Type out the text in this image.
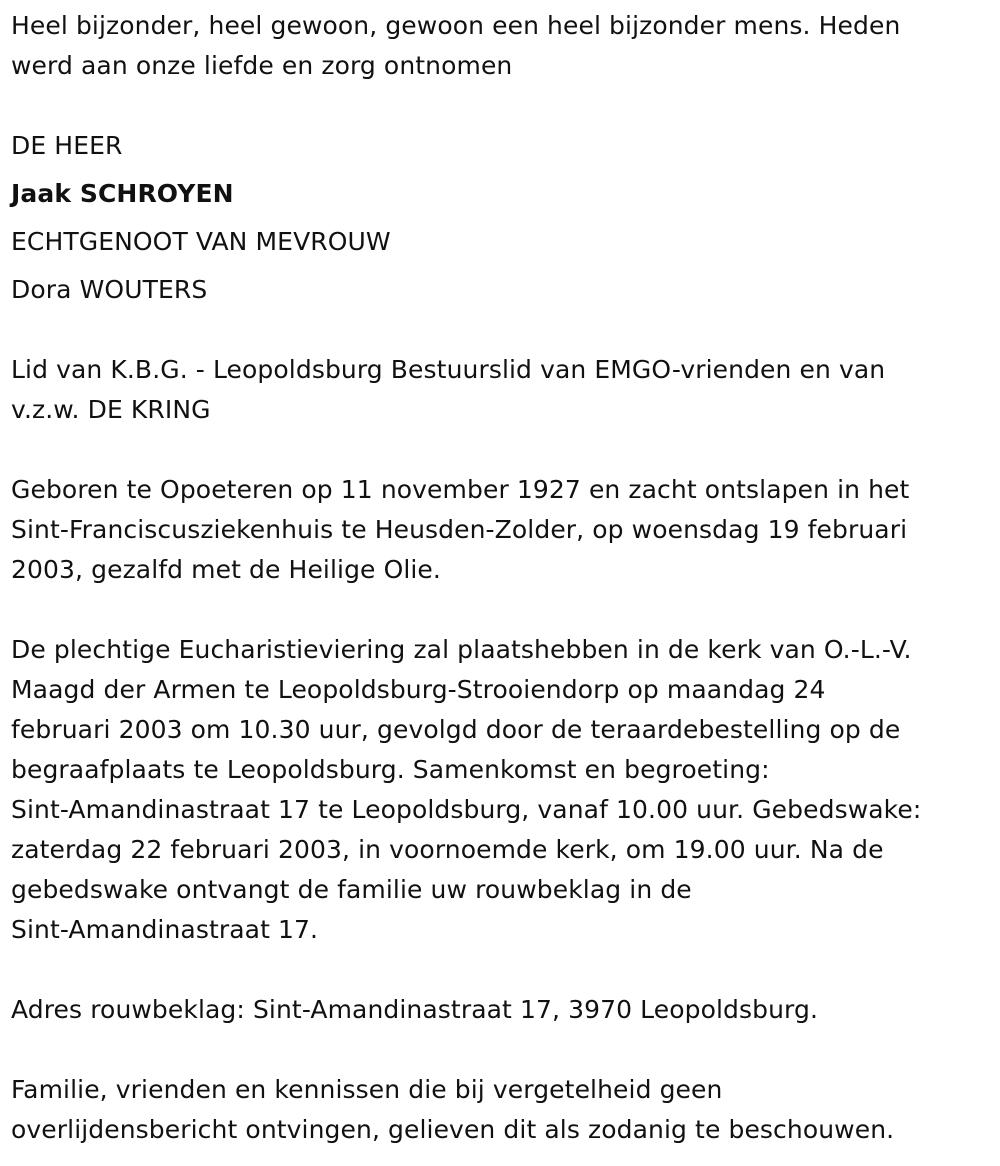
Heel bijzonder, heel gewoon, gewoon een heel bijzonder mens. Heden
werd aan onze liefde en zorg ontnomen
DE HEER
Jaak SCHROYEN
ECHTGENOOT VAN MEVROUW
Dora WOUTERS
Lid van K.B.G. - Leopoldsburg Bestuurslid van EMGO-vrienden en van
v.z.w. DE KRING
Geboren te Opoeteren op 11 november 1927 en zacht ontslapen in het
Sint-Franciscusziekenhuis te Heusden-Zolder, op woensdag 19 februari
2003, gezalfd met de Heilige Olie.
De plechtige Eucharistieviering zal plaatshebben in de kerk van O.-L.-V.
Maagd der Armen te Leopoldsburg-Strooiendorp op maandag 24
februari 2003 om 10.30 uur, gevolgd door de teraardebestelling op de
begraafplaats te Leopoldsburg. Samenkomst en begroeting:
Sint-Amandinastraat 17 te Leopoldsburg, vanaf 10.00 uur. Gebedswake:
zaterdag 22 februari 2003, in voornoemde kerk, om 19.00 uur. Na de
gebedswake ontvangt de familie uw rouwbeklag in de
Sint-Amandinastraat 17.
Adres rouwbeklag: Sint-Amandinastraat 17, 3970 Leopoldsburg.
Familie, vrienden en kennissen die bij vergetelheid geen
overlijdensbericht ontvingen, gelieven dit als zodanig te beschouwen.
